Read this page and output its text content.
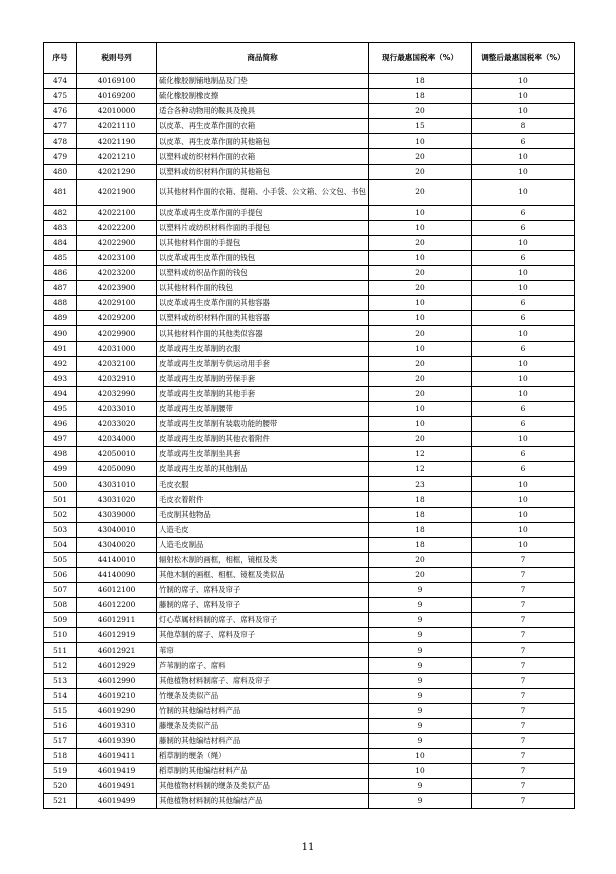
序号	税则号列	商品简称	现行最惠国税率（%）	调整后最惠国税率（%）
474	40169100	硫化橡胶制铺地制品及门垫	18	10
475	40169200	硫化橡胶制橡皮擦	18	10
476	42010000	适合各种动物用的鞍具及挽具	20	10
477	42021110	以皮革、再生皮革作面的衣箱	15	8
478	42021190	以皮革、再生皮革作面的其他箱包	10	6
479	42021210	以塑料或纺织材料作面的衣箱	20	10
480	42021290	以塑料或纺织材料作面的其他箱包	20	10
481	42021900	以其他材料作面的衣箱、提箱、小手袋、公文箱、公文包、书包	20	10
482	42022100	以皮革或再生皮革作面的手提包	10	6
483	42022200	以塑料片或纺织材料作面的手提包	10	6
484	42022900	以其他材料作面的手提包	20	10
485	42023100	以皮革或再生皮革作面的钱包	10	6
486	42023200	以塑料或纺织品作面的钱包	20	10
487	42023900	以其他材料作面的钱包	20	10
488	42029100	以皮革或再生皮革作面的其他容器	10	6
489	42029200	以塑料或纺织材料作面的其他容器	10	6
490	42029900	以其他材料作面的其他类似容器	20	10
491	42031000	皮革或再生皮革制的衣服	10	6
492	42032100	皮革或再生皮革制专供运动用手套	20	10
493	42032910	皮革或再生皮革制的劳保手套	20	10
494	42032990	皮革或再生皮革制的其他手套	20	10
495	42033010	皮革或再生皮革制腰带	10	6
496	42033020	皮革或再生皮革制有装载功能的腰带	10	6
497	42034000	皮革或再生皮革制的其他衣着附件	20	10
498	42050010	皮革或再生皮革制坐具套	12	6
499	42050090	皮革或再生皮革的其他制品	12	6
500	43031010	毛皮衣服	23	10
501	43031020	毛皮衣着附件	18	10
502	43039000	毛皮制其他物品	18	10
503	43040010	人造毛皮	18	10
504	43040020	人造毛皮制品	18	10
505	44140010	辐射松木制的画框，相框，镜框及类	20	7
506	44140090	其他木制的画框、相框、镜框及类似品	20	7
507	46012100	竹制的席子、席料及帘子	9	7
508	46012200	藤制的席子、席料及帘子	9	7
509	46012911	灯心草属材料制的席子、席料及帘子	9	7
510	46012919	其他草制的席子、席料及帘子	9	7
511	46012921	苇帘	9	7
512	46012929	芦苇制的席子、席料	9	7
513	46012990	其他植物材料制席子、席料及帘子	9	7
514	46019210	竹缏条及类似产品	9	7
515	46019290	竹制的其他编结材料产品	9	7
516	46019310	藤缏条及类似产品	9	7
517	46019390	藤制的其他编结材料产品	9	7
518	46019411	稻草制的缏条（绳）	10	7
519	46019419	稻草制的其他编结材料产品	10	7
520	46019491	其他植物材料制的缏条及类似产品	9	7
521	46019499	其他植物材料制的其他编结产品	9	7
11
